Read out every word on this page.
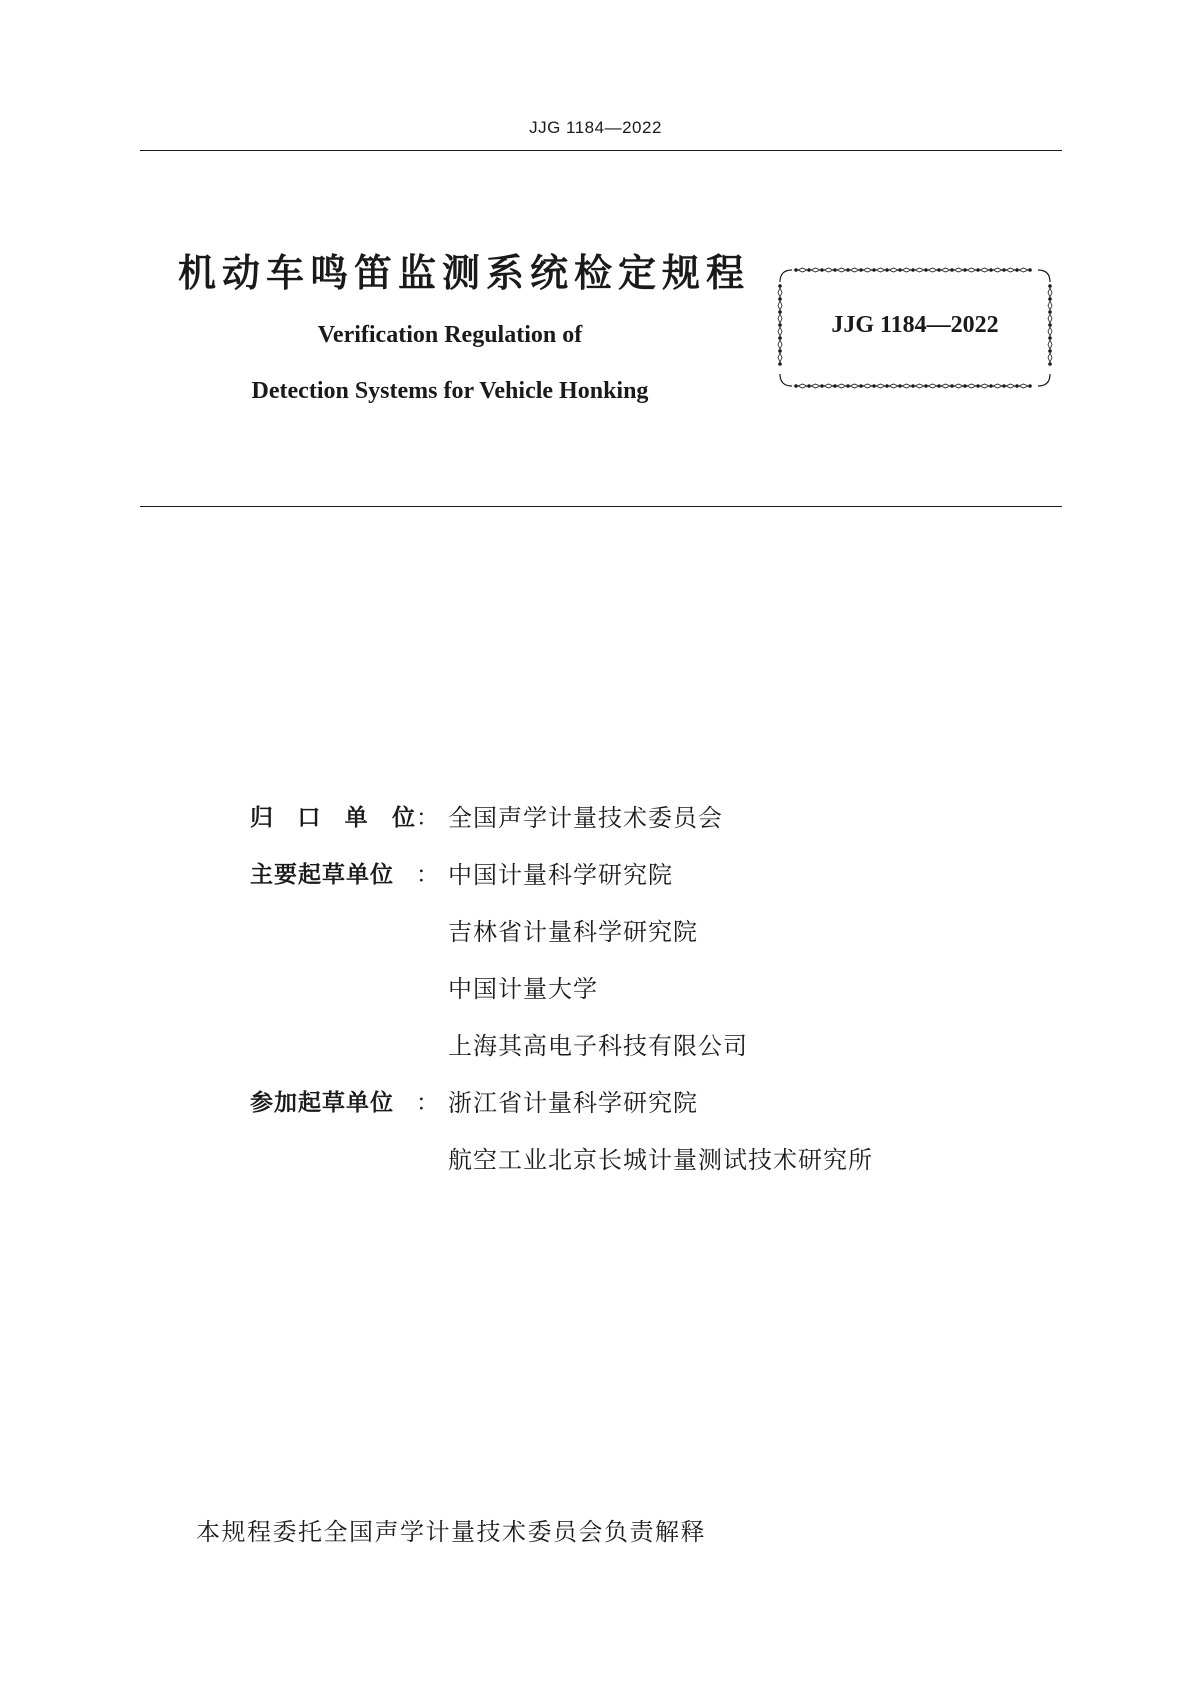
JJG 1184—2022
机动车鸣笛监测系统检定规程
Verification Regulation of
Detection Systems for Vehicle Honking
JJG 1184—2022
归 口 单 位 ： 全国声学计量技术委员会
主要起草单位 ： 中国计量科学研究院
吉林省计量科学研究院
中国计量大学
上海其高电子科技有限公司
参加起草单位 ： 浙江省计量科学研究院
航空工业北京长城计量测试技术研究所
本规程委托全国声学计量技术委员会负责解释
